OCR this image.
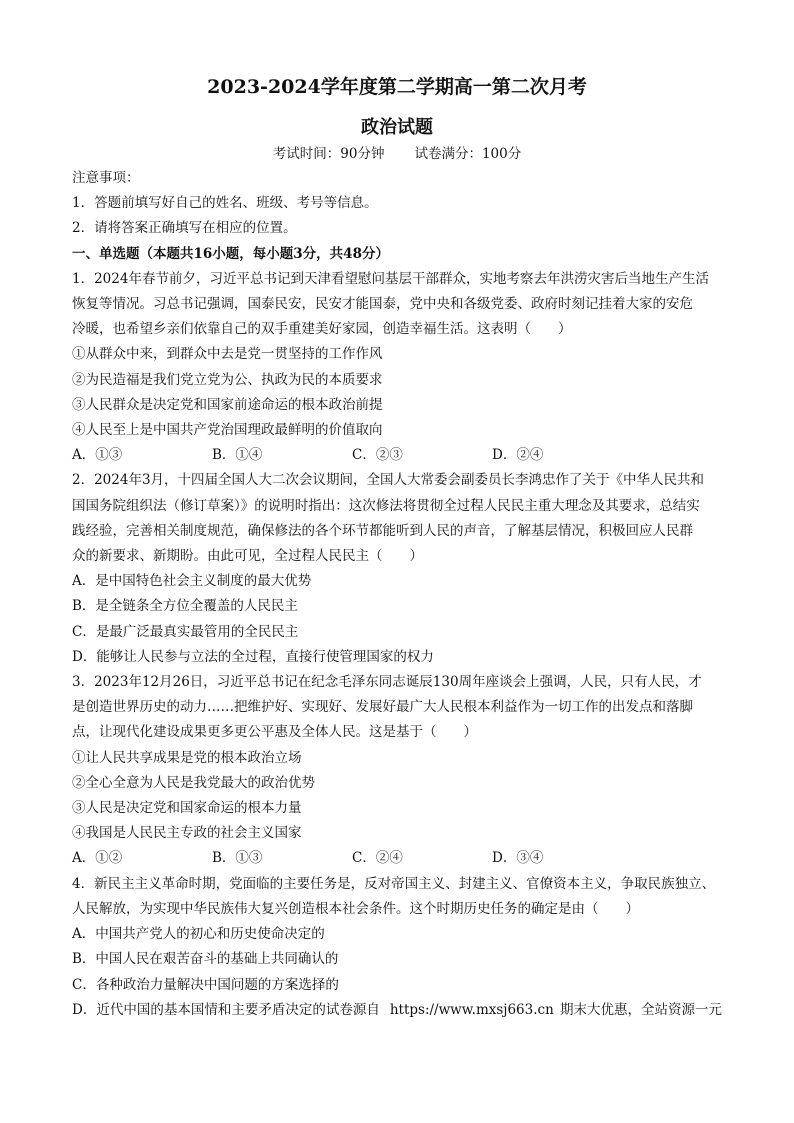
2023-2024学年度第二学期高一第二次月考
政治试题
考试时间：90分钟 试卷满分：100分
注意事项：
1．答题前填写好自己的姓名、班级、考号等信息。
2．请将答案正确填写在相应的位置。
一、单选题（本题共16小题，每小题3分，共48分）
1．2024年春节前夕，习近平总书记到天津看望慰问基层干部群众，实地考察去年洪涝灾害后当地生产生活
恢复等情况。习总书记强调，国泰民安，民安才能国泰，党中央和各级党委、政府时刻记挂着大家的安危
冷暖，也希望乡亲们依靠自己的双手重建美好家园，创造幸福生活。这表明（　　）
①从群众中来，到群众中去是党一贯坚持的工作作风
②为民造福是我们党立党为公、执政为民的本质要求
③人民群众是决定党和国家前途命运的根本政治前提
④人民至上是中国共产党治国理政最鲜明的价值取向
A．①③	B．①④	C．②③	D．②④
2．2024年3月，十四届全国人大二次会议期间，全国人大常委会副委员长李鸿忠作了关于《中华人民共和
国国务院组织法（修订草案）》的说明时指出：这次修法将贯彻全过程人民民主重大理念及其要求，总结实
践经验，完善相关制度规范，确保修法的各个环节都能听到人民的声音，了解基层情况，积极回应人民群
众的新要求、新期盼。由此可见，全过程人民民主（　　）
A．是中国特色社会主义制度的最大优势
B．是全链条全方位全覆盖的人民民主
C．是最广泛最真实最管用的全民民主
D．能够让人民参与立法的全过程，直接行使管理国家的权力
3．2023年12月26日，习近平总书记在纪念毛泽东同志诞辰130周年座谈会上强调，人民，只有人民，才
是创造世界历史的动力……把维护好、实现好、发展好最广大人民根本利益作为一切工作的出发点和落脚
点，让现代化建设成果更多更公平惠及全体人民。这是基于（　　）
①让人民共享成果是党的根本政治立场
②全心全意为人民是我党最大的政治优势
③人民是决定党和国家命运的根本力量
④我国是人民民主专政的社会主义国家
A．①②	B．①③	C．②④	D．③④
4．新民主主义革命时期，党面临的主要任务是，反对帝国主义、封建主义、官僚资本主义，争取民族独立、
人民解放，为实现中华民族伟大复兴创造根本社会条件。这个时期历史任务的确定是由（　　）
A．中国共产党人的初心和历史使命决定的
B．中国人民在艰苦奋斗的基础上共同确认的
C．各种政治力量解决中国问题的方案选择的
D．近代中国的基本国情和主要矛盾决定的试卷源自 https://www.mxsj663.cn 期末大优惠，全站资源一元
